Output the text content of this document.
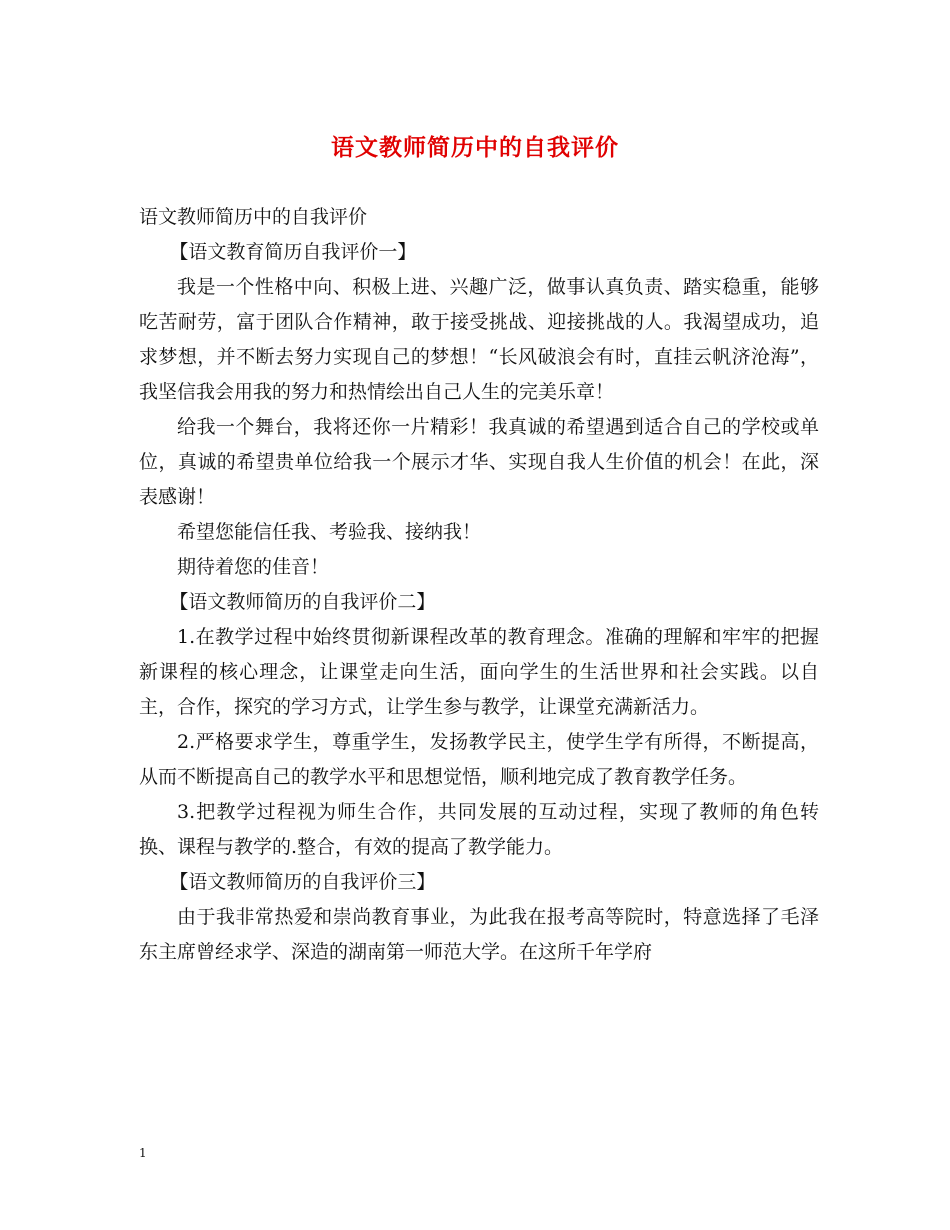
语文教师简历中的自我评价

语文教师简历中的自我评价

【语文教育简历自我评价一】

我是一个性格中向、积极上进、兴趣广泛，做事认真负责、踏实稳重，能够吃苦耐劳，富于团队合作精神，敢于接受挑战、迎接挑战的人。我渴望成功，追求梦想，并不断去努力实现自己的梦想！“长风破浪会有时，直挂云帆济沧海”，我坚信我会用我的努力和热情绘出自己人生的完美乐章！

给我一个舞台，我将还你一片精彩！我真诚的希望遇到适合自己的学校或单位，真诚的希望贵单位给我一个展示才华、实现自我人生价值的机会！在此，深表感谢！

希望您能信任我、考验我、接纳我！

期待着您的佳音！

【语文教师简历的自我评价二】

1.在教学过程中始终贯彻新课程改革的教育理念。准确的理解和牢牢的把握新课程的核心理念，让课堂走向生活，面向学生的生活世界和社会实践。以自主，合作，探究的学习方式，让学生参与教学，让课堂充满新活力。

2.严格要求学生，尊重学生，发扬教学民主，使学生学有所得，不断提高，从而不断提高自己的教学水平和思想觉悟，顺利地完成了教育教学任务。

3.把教学过程视为师生合作，共同发展的互动过程，实现了教师的角色转换、课程与教学的.整合，有效的提高了教学能力。

【语文教师简历的自我评价三】

由于我非常热爱和崇尚教育事业，为此我在报考高等院时，特意选择了毛泽东主席曾经求学、深造的湖南第一师范大学。在这所千年学府

1
